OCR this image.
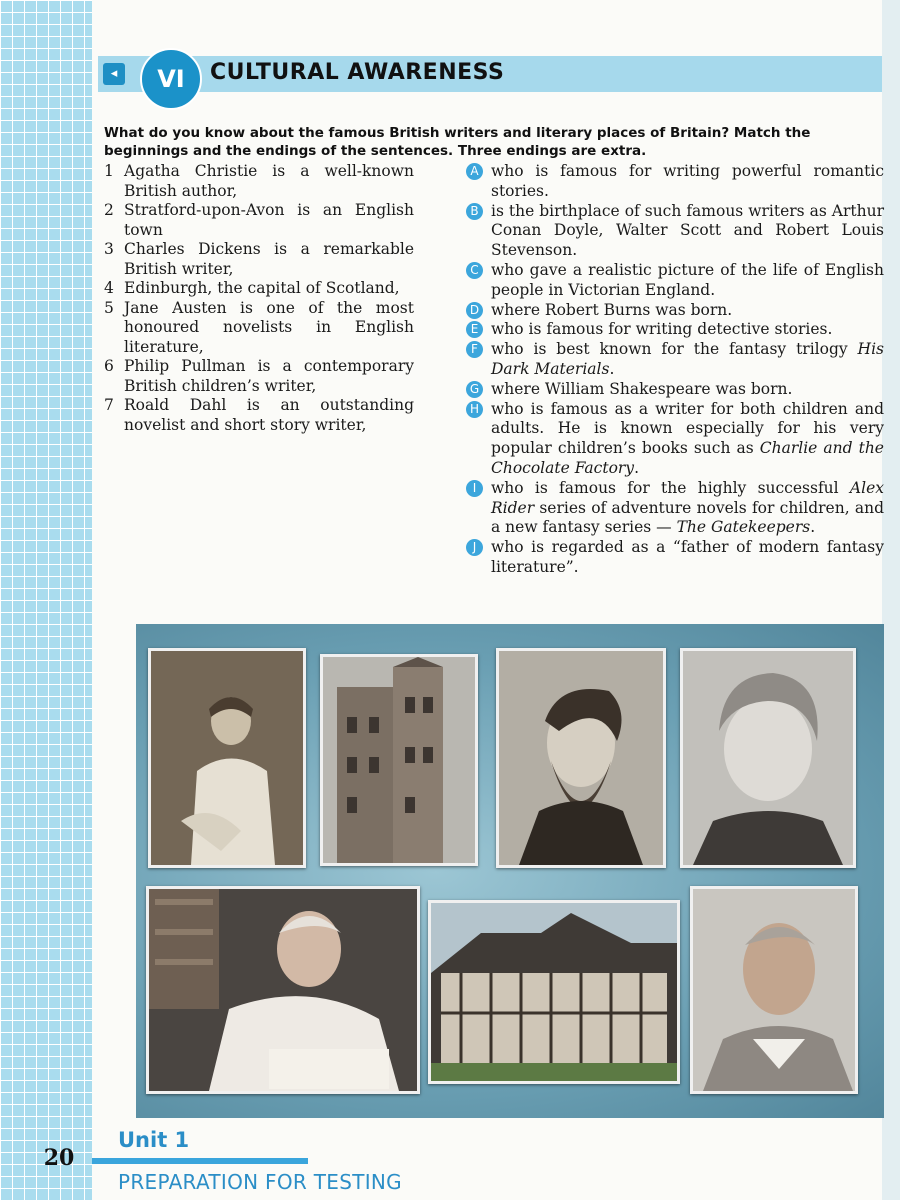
◂	VI	CULTURAL AWARENESS
What do you know about the famous British writers and literary places of Britain? Match the beginnings and the endings of the sentences. Three endings are extra.
1 Agatha Christie is a well-known British author,
2 Stratford-upon-Avon is an English town
3 Charles Dickens is a remarkable British writer,
4 Edinburgh, the capital of Scotland,
5 Jane Austen is one of the most honoured novelists in English literature,
6 Philip Pullman is a contemporary British children’s writer,
7 Roald Dahl is an outstanding novelist and short story writer,
A who is famous for writing powerful romantic stories.
B is the birthplace of such famous writers as Arthur Conan Doyle, Walter Scott and Robert Louis Stevenson.
C who gave a realistic picture of the life of English people in Victorian England.
D where Robert Burns was born.
E who is famous for writing detective stories.
F who is best known for the fantasy trilogy His Dark Materials.
G where William Shakespeare was born.
H who is famous as a writer for both children and adults. He is known especially for his very popular children’s books such as Charlie and the Chocolate Factory.
I who is famous for the highly successful Alex Rider series of adventure novels for children, and a new fantasy series — The Gatekeepers.
J who is regarded as a “father of modern fantasy literature”.
20
Unit 1
PREPARATION FOR TESTING
